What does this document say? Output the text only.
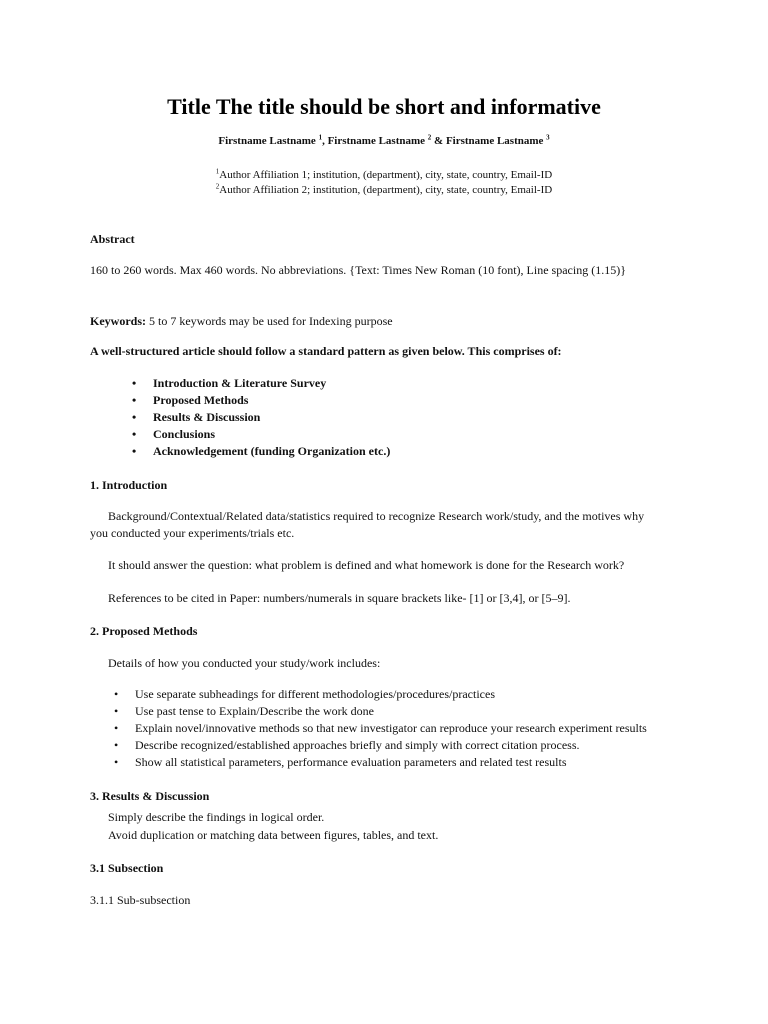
Title The title should be short and informative
Firstname Lastname $^1$, Firstname Lastname $^2$ & Firstname Lastname $^3$
$^1$Author Affiliation 1; institution, (department), city, state, country, Email-ID
$^2$Author Affiliation 2; institution, (department), city, state, country, Email-ID
Abstract
160 to 260 words. Max 460 words. No abbreviations. {Text: Times New Roman (10 font), Line spacing (1.15)}
Keywords: 5 to 7 keywords may be used for Indexing purpose
A well-structured article should follow a standard pattern as given below. This comprises of:
• Introduction & Literature Survey
• Proposed Methods
• Results & Discussion
• Conclusions
• Acknowledgement (funding Organization etc.)
1. Introduction
Background/Contextual/Related data/statistics required to recognize Research work/study, and the motives why
you conducted your experiments/trials etc.
It should answer the question: what problem is defined and what homework is done for the Research work?
References to be cited in Paper: numbers/numerals in square brackets like- [1] or [3,4], or [5–9].
2. Proposed Methods
Details of how you conducted your study/work includes:
• Use separate subheadings for different methodologies/procedures/practices
• Use past tense to Explain/Describe the work done
• Explain novel/innovative methods so that new investigator can reproduce your research experiment results
• Describe recognized/established approaches briefly and simply with correct citation process.
• Show all statistical parameters, performance evaluation parameters and related test results
3. Results & Discussion
Simply describe the findings in logical order.
Avoid duplication or matching data between figures, tables, and text.
3.1 Subsection
3.1.1 Sub-subsection
